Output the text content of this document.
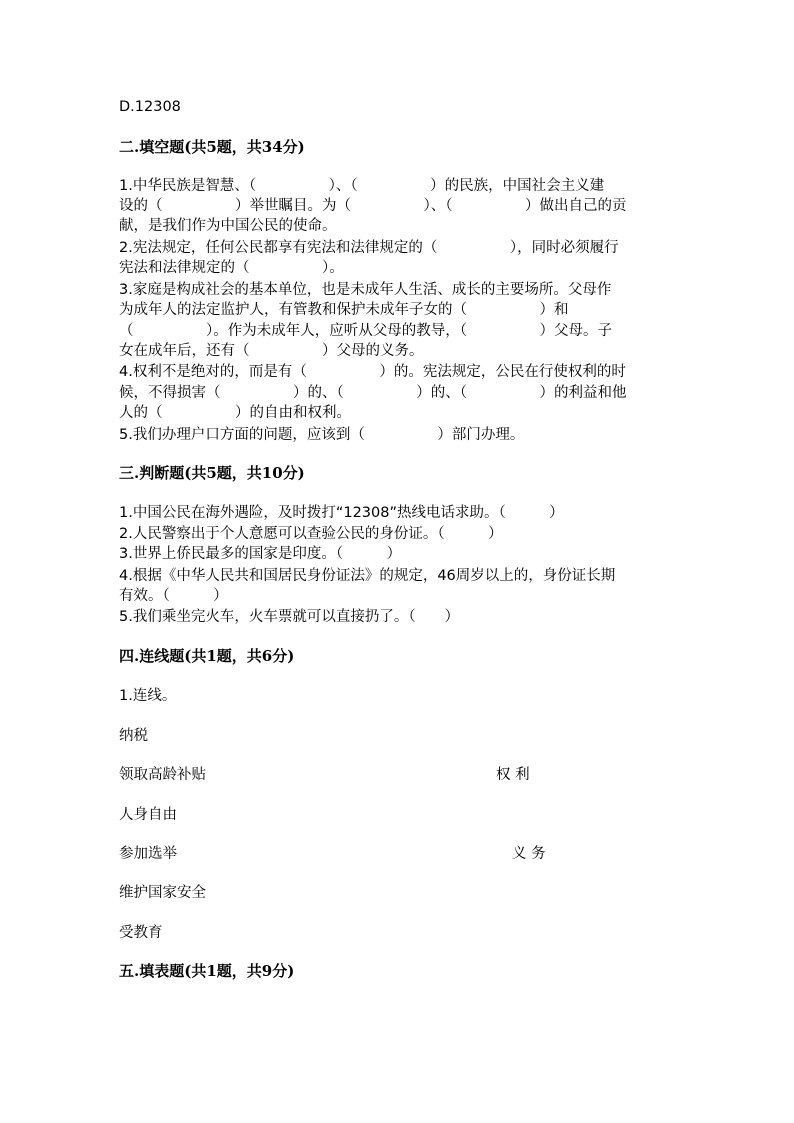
D.12308
二.填空题(共5题，共34分)
1.中华民族是智慧、（　　　　　）、（　　　　　）的民族，中国社会主义建
设的（　　　　　）举世瞩目。为（　　　　　）、（　　　　　）做出自己的贡
献，是我们作为中国公民的使命。
2.宪法规定，任何公民都享有宪法和法律规定的（　　　　　），同时必须履行
宪法和法律规定的（　　　　　）。
3.家庭是构成社会的基本单位，也是未成年人生活、成长的主要场所。父母作
为成年人的法定监护人，有管教和保护未成年子女的（　　　　　）和
（　　　　　）。作为未成年人，应听从父母的教导，（　　　　　）父母。子
女在成年后，还有（　　　　　）父母的义务。
4.权利不是绝对的，而是有（　　　　　）的。宪法规定，公民在行使权利的时
候，不得损害（　　　　　）的、（　　　　　）的、（　　　　　）的利益和他
人的（　　　　　）的自由和权利。
5.我们办理户口方面的问题，应该到（　　　　　）部门办理。
三.判断题(共5题，共10分)
1.中国公民在海外遇险，及时拨打“12308”热线电话求助。（　　　）
2.人民警察出于个人意愿可以查验公民的身份证。（　　　）
3.世界上侨民最多的国家是印度。（　　　）
4.根据《中华人民共和国居民身份证法》的规定，46周岁以上的，身份证长期
有效。（　　　）
5.我们乘坐完火车，火车票就可以直接扔了。（　　）
四.连线题(共1题，共6分)
1.连线。
纳税
领取高龄补贴
人身自由
参加选举
维护国家安全
受教育
权 利
义 务
五.填表题(共1题，共9分)
